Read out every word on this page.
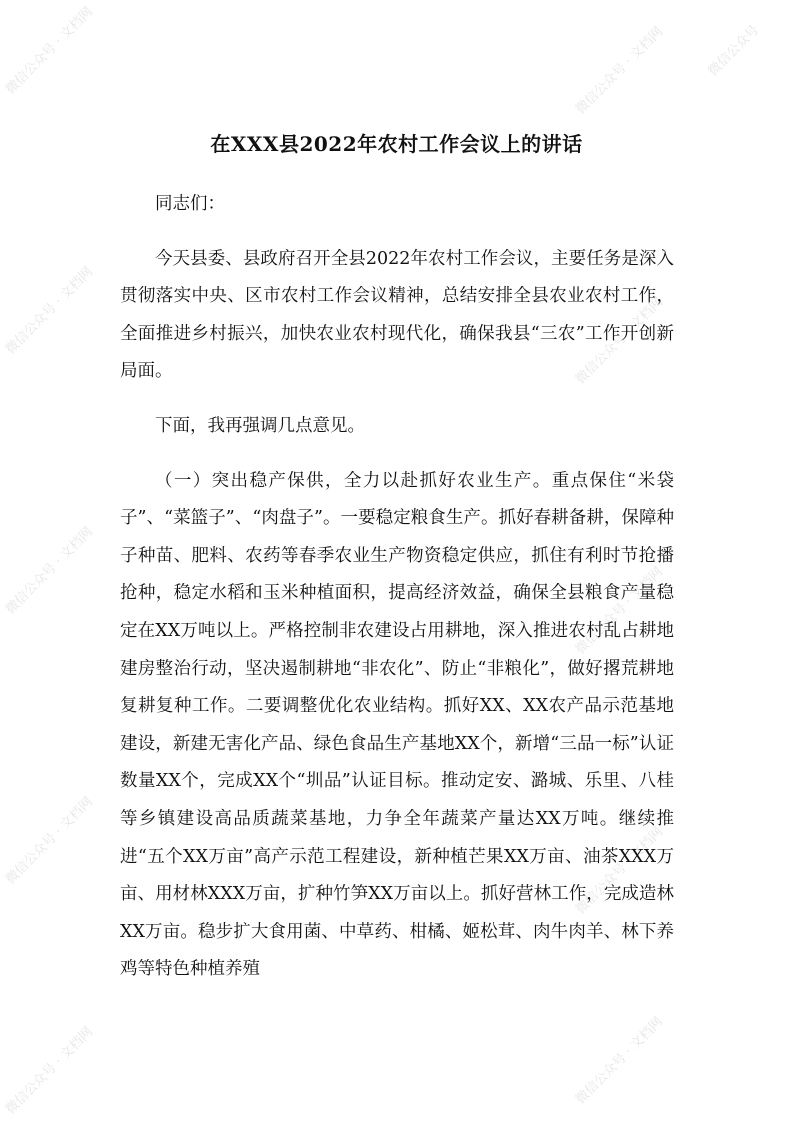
微信公众号 · 文档网	微信公众号 · 文档网	微信公众号
微信公众号 · 文档网	微信公众号 · 文档网
微信公众号 · 文档网	微信公众号 · 文档网
微信公众号 · 文档网	微信公众号 · 文档网
微信公众号 · 文档网	微信公众号 · 文档网
在XXX县2022年农村工作会议上的讲话

同志们：

今天县委、县政府召开全县2022年农村工作会议，主要任务是深入贯彻落实中央、区市农村工作会议精神，总结安排全县农业农村工作，全面推进乡村振兴，加快农业农村现代化，确保我县“三农”工作开创新局面。

下面，我再强调几点意见。

（一）突出稳产保供，全力以赴抓好农业生产。重点保住“米袋子”、“菜篮子”、“肉盘子”。一要稳定粮食生产。抓好春耕备耕，保障种子种苗、肥料、农药等春季农业生产物资稳定供应，抓住有利时节抢播抢种，稳定水稻和玉米种植面积，提高经济效益，确保全县粮食产量稳定在XX万吨以上。严格控制非农建设占用耕地，深入推进农村乱占耕地建房整治行动，坚决遏制耕地“非农化”、防止“非粮化”，做好撂荒耕地复耕复种工作。二要调整优化农业结构。抓好XX、XX农产品示范基地建设，新建无害化产品、绿色食品生产基地XX个，新增“三品一标”认证数量XX个，完成XX个“圳品”认证目标。推动定安、潞城、乐里、八桂等乡镇建设高品质蔬菜基地，力争全年蔬菜产量达XX万吨。继续推进“五个XX万亩”高产示范工程建设，新种植芒果XX万亩、油茶XXX万亩、用材林XXX万亩，扩种竹笋XX万亩以上。抓好营林工作，完成造林XX万亩。稳步扩大食用菌、中草药、柑橘、姬松茸、肉牛肉羊、林下养鸡等特色种植养殖
